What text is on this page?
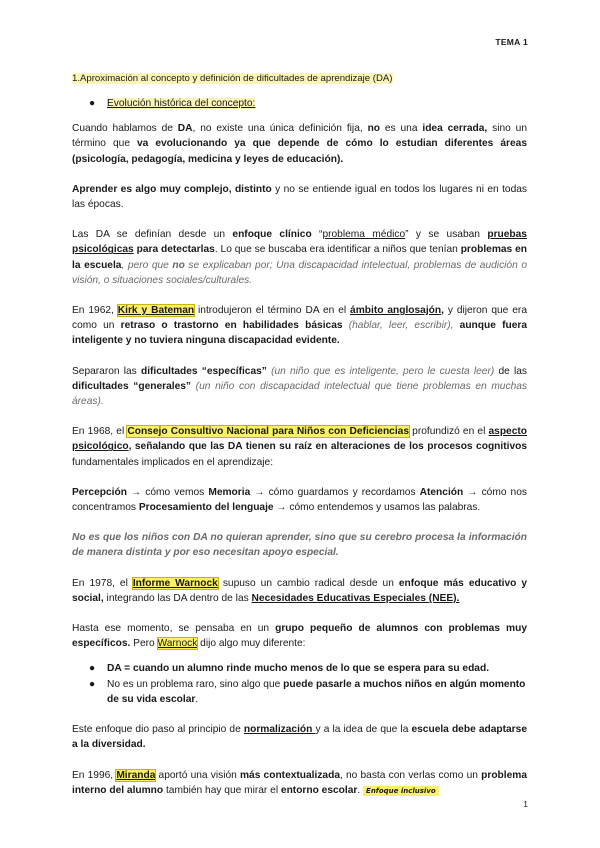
TEMA 1

1.Aproximación al concepto y definición de dificultades de aprendizaje (DA)

● Evolución histórica del concepto:

Cuando hablamos de DA, no existe una única definición fija, no es una idea cerrada, sino un término que va evolucionando ya que depende de cómo lo estudian diferentes áreas (psicología, pedagogía, medicina y leyes de educación).

Aprender es algo muy complejo, distinto y no se entiende igual en todos los lugares ni en todas las épocas.

Las DA se definían desde un enfoque clínico “problema médico” y se usaban pruebas psicológicas para detectarlas. Lo que se buscaba era identificar a niños que tenían problemas en la escuela, pero que no se explicaban por; Una discapacidad intelectual, problemas de audición o visión, o situaciones sociales/culturales.

En 1962, Kirk y Bateman introdujeron el término DA en el ámbito anglosajón, y dijeron que era como un retraso o trastorno en habilidades básicas (hablar, leer, escribir), aunque fuera inteligente y no tuviera ninguna discapacidad evidente.

Separaron las dificultades “específicas” (un niño que es inteligente, pero le cuesta leer) de las dificultades “generales” (un niño con discapacidad intelectual que tiene problemas en muchas áreas).

En 1968, el Consejo Consultivo Nacional para Niños con Deficiencias profundizó en el aspecto psicológico, señalando que las DA tienen su raíz en alteraciones de los procesos cognitivos fundamentales implicados en el aprendizaje:

Percepción → cómo vemos Memoria → cómo guardamos y recordamos Atención → cómo nos concentramos Procesamiento del lenguaje → cómo entendemos y usamos las palabras.

No es que los niños con DA no quieran aprender, sino que su cerebro procesa la información de manera distinta y por eso necesitan apoyo especial.

En 1978, el Informe Warnock supuso un cambio radical desde un enfoque más educativo y social, integrando las DA dentro de las Necesidades Educativas Especiales (NEE).

Hasta ese momento, se pensaba en un grupo pequeño de alumnos con problemas muy específicos. Pero Warnock dijo algo muy diferente:

● DA = cuando un alumno rinde mucho menos de lo que se espera para su edad.
● No es un problema raro, sino algo que puede pasarle a muchos niños en algún momento de su vida escolar.

Este enfoque dio paso al principio de normalización y a la idea de que la escuela debe adaptarse a la diversidad.

En 1996, Miranda aportó una visión más contextualizada, no basta con verlas como un problema interno del alumno también hay que mirar el entorno escolar. Enfoque inclusivo

1
